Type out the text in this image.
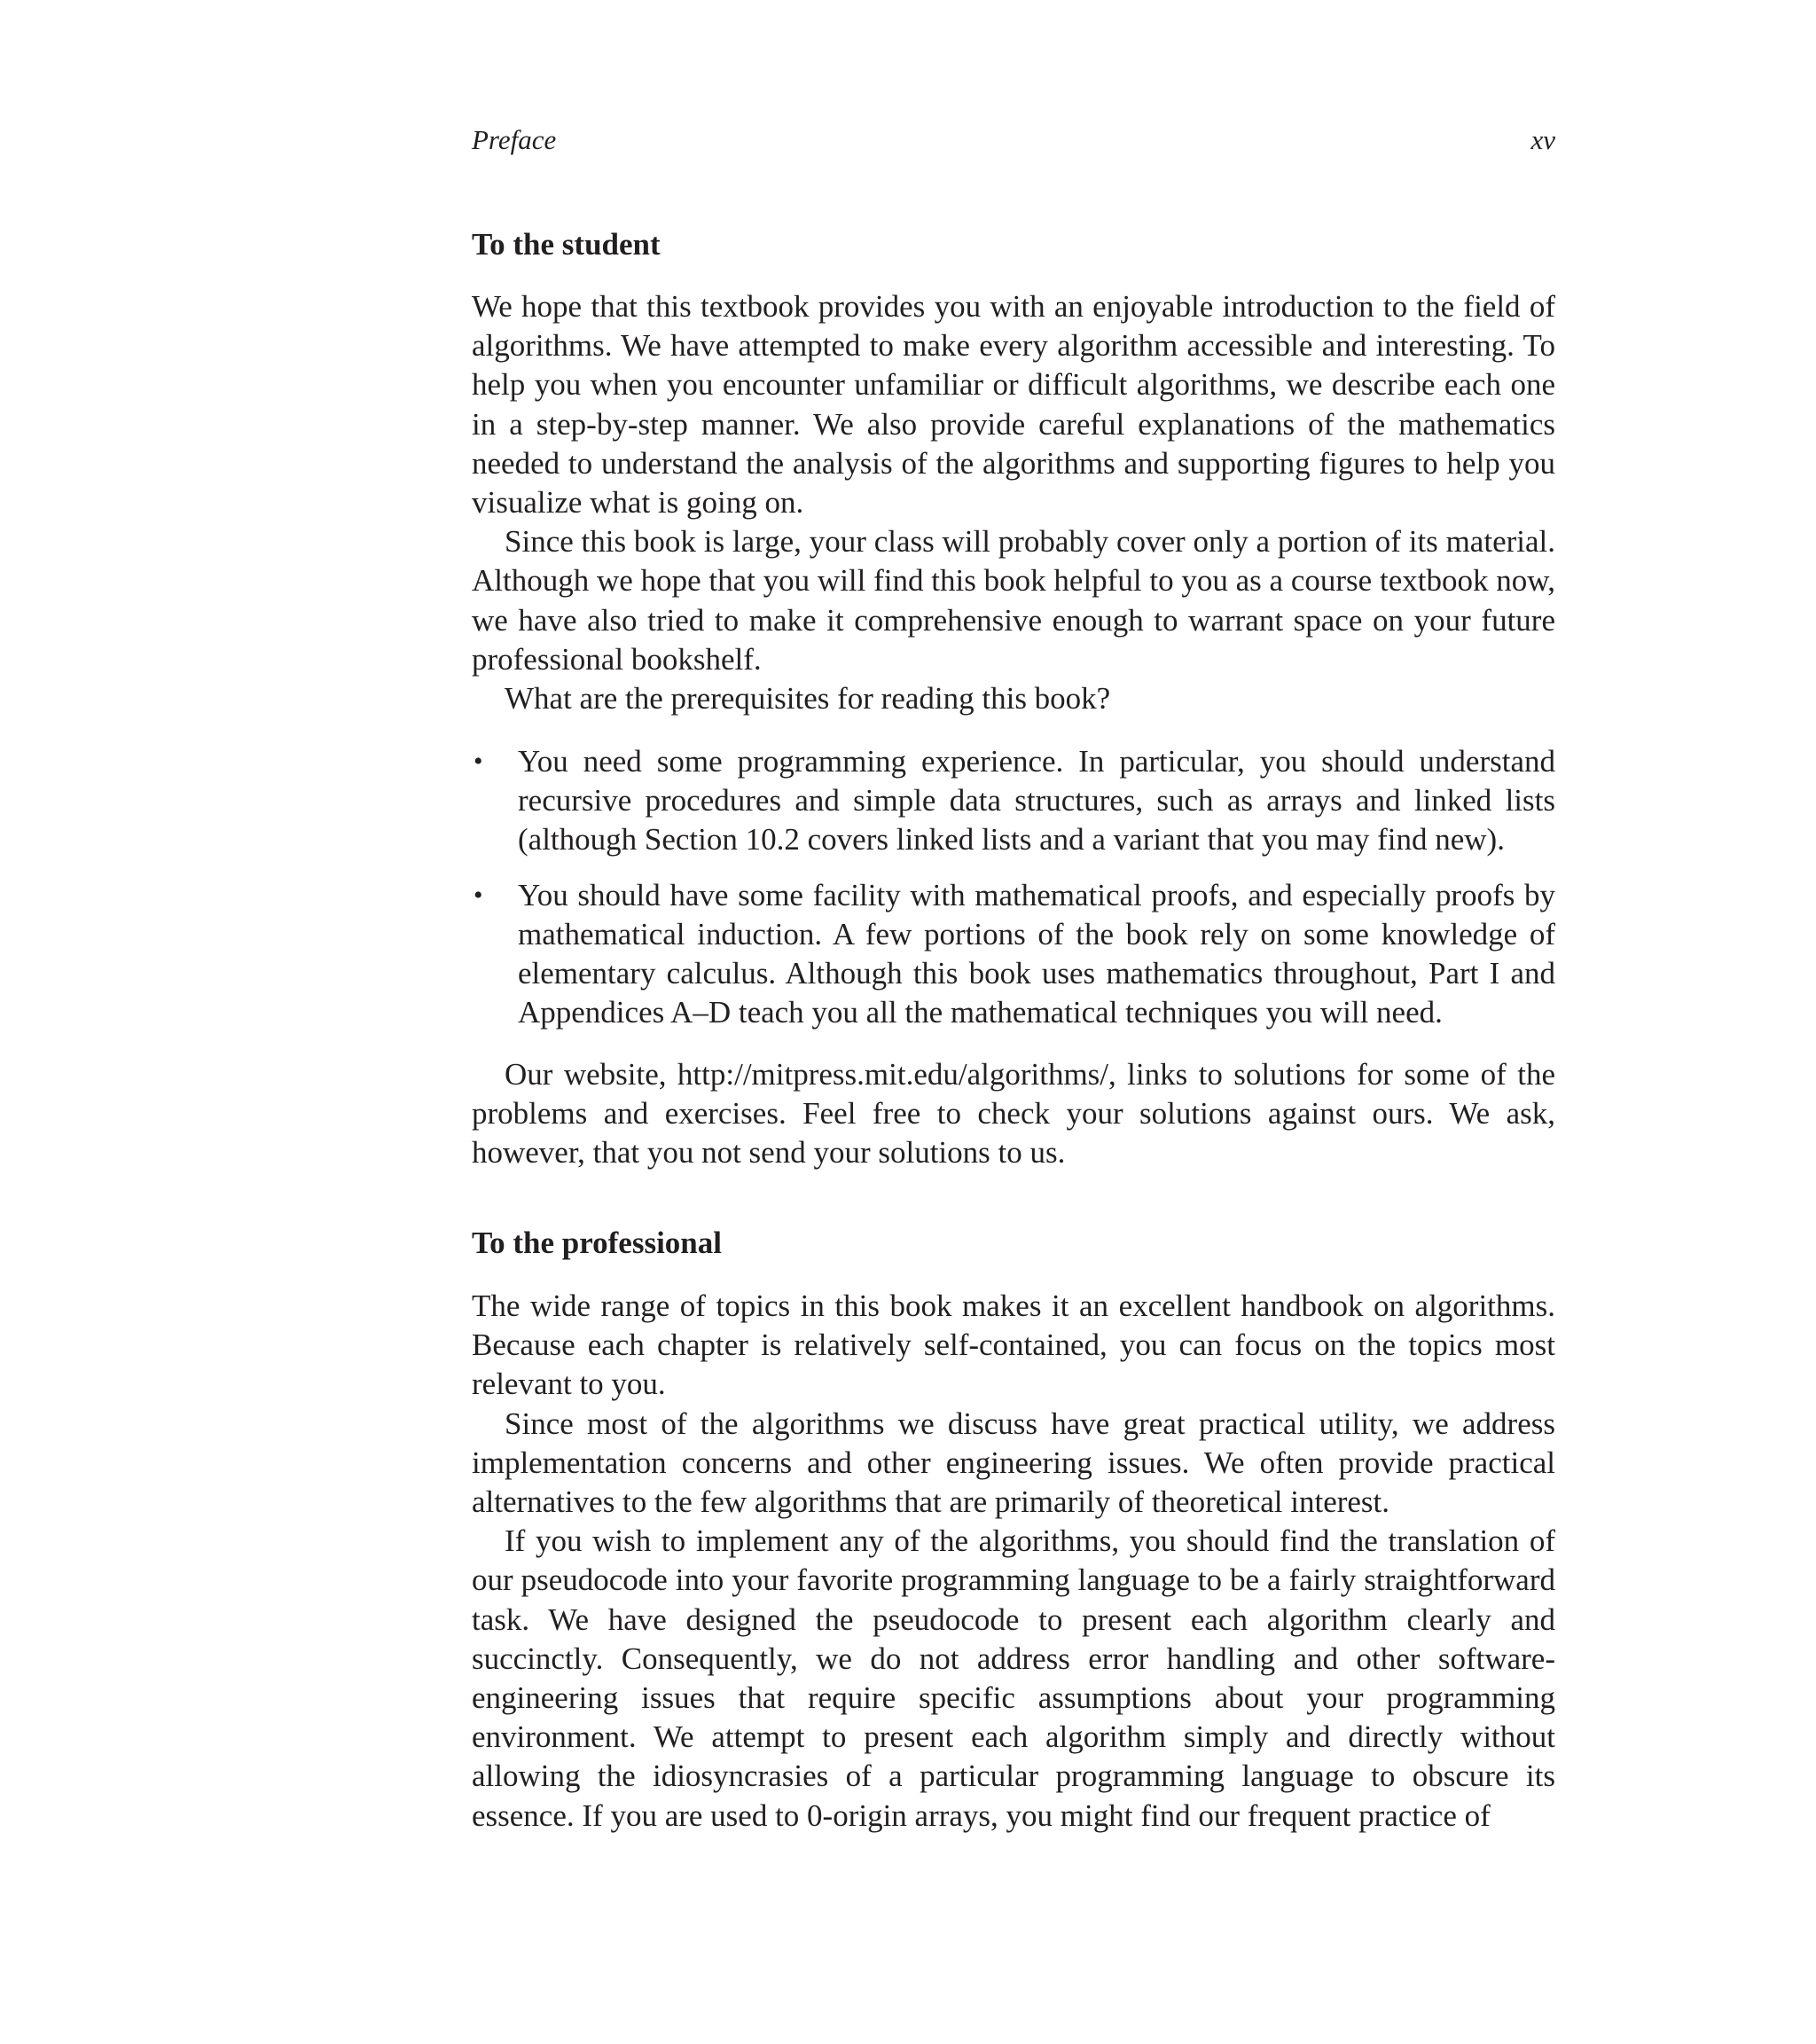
Preface	xv
To the student

We hope that this textbook provides you with an enjoyable introduction to the field of algorithms. We have attempted to make every algorithm accessible and interesting. To help you when you encounter unfamiliar or difficult algorithms, we describe each one in a step-by-step manner. We also provide careful explanations of the mathematics needed to understand the analysis of the algorithms and supporting figures to help you visualize what is going on.

Since this book is large, your class will probably cover only a portion of its material. Although we hope that you will find this book helpful to you as a course textbook now, we have also tried to make it comprehensive enough to warrant space on your future professional bookshelf.

What are the prerequisites for reading this book?

• You need some programming experience. In particular, you should understand recursive procedures and simple data structures, such as arrays and linked lists (although Section 10.2 covers linked lists and a variant that you may find new).
• You should have some facility with mathematical proofs, and especially proofs by mathematical induction. A few portions of the book rely on some knowledge of elementary calculus. Although this book uses mathematics throughout, Part I and Appendices A–D teach you all the mathematical techniques you will need.

Our website, http://mitpress.mit.edu/algorithms/, links to solutions for some of the problems and exercises. Feel free to check your solutions against ours. We ask, however, that you not send your solutions to us.

To the professional

The wide range of topics in this book makes it an excellent handbook on algorithms. Because each chapter is relatively self-contained, you can focus on the topics most relevant to you.

Since most of the algorithms we discuss have great practical utility, we address implementation concerns and other engineering issues. We often provide practical alternatives to the few algorithms that are primarily of theoretical interest.

If you wish to implement any of the algorithms, you should find the translation of our pseudocode into your favorite programming language to be a fairly straightforward task. We have designed the pseudocode to present each algorithm clearly and succinctly. Consequently, we do not address error handling and other software-engineering issues that require specific assumptions about your programming environment. We attempt to present each algorithm simply and directly without allowing the idiosyncrasies of a particular programming language to obscure its essence. If you are used to 0-origin arrays, you might find our frequent practice of
